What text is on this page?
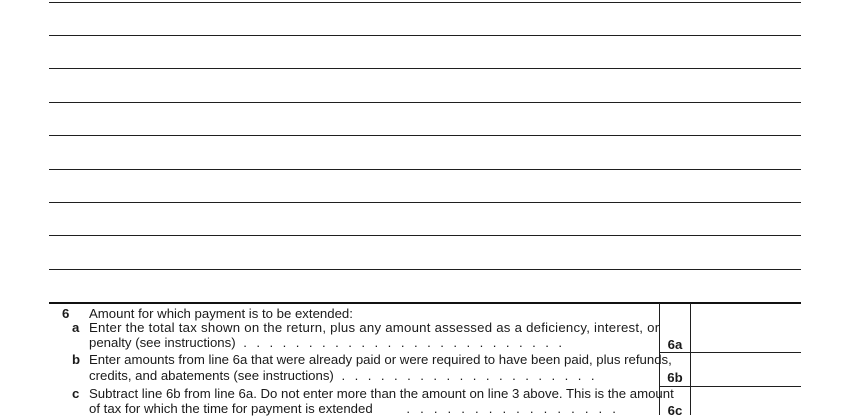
6 Amount for which payment is to be extended:
a Enter the total tax shown on the return, plus any amount assessed as a deficiency, interest, or
penalty (see instructions) . . . . . . . . . . . . . . . . . . . . . . . . .
b Enter amounts from line 6a that were already paid or were required to have been paid, plus refunds,
credits, and abatements (see instructions) . . . . . . . . . . . . . . . . . . . .
c Subtract line 6b from line 6a. Do not enter more than the amount on line 3 above. This is the amount
of tax for which the time for payment is extended	. . . . . . . . . . . . . . . .
6a
6b
6c
